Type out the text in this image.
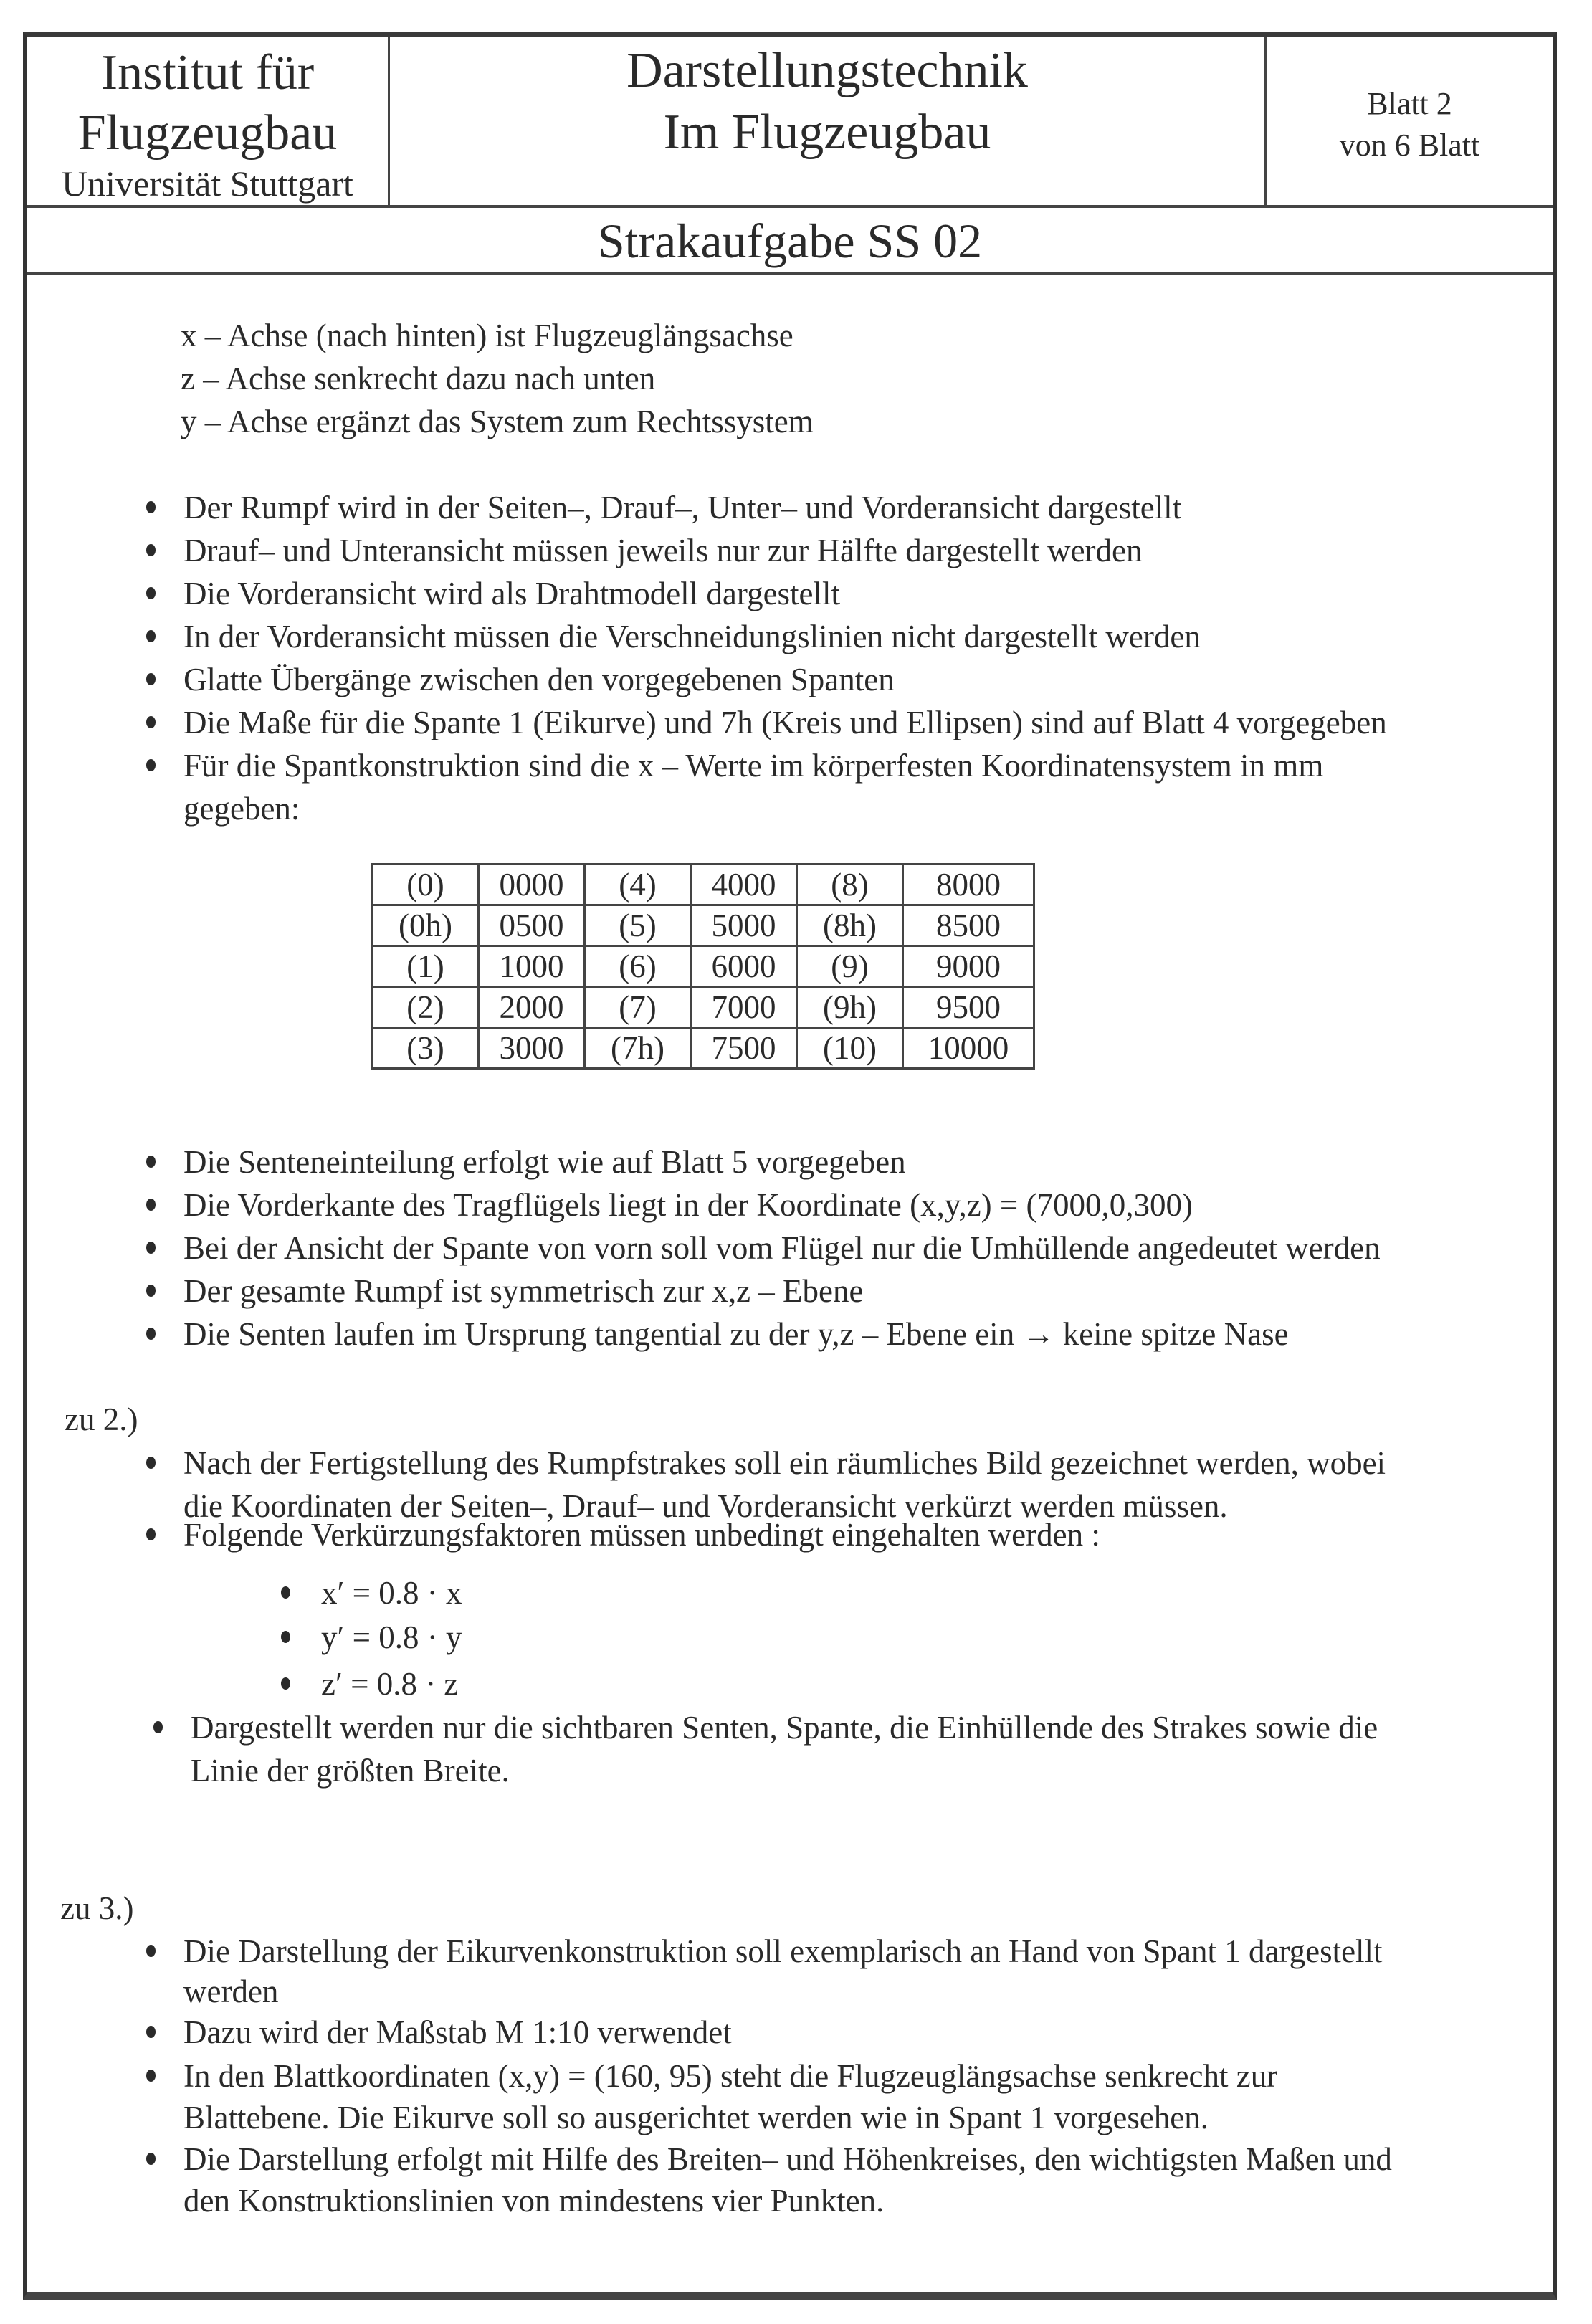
Institut für
Flugzeugbau
Universität Stuttgart
Darstellungstechnik
Im Flugzeugbau
Blatt 2
von 6 Blatt
Strakaufgabe SS 02
x – Achse (nach hinten) ist Flugzeuglängsachse
z – Achse senkrecht dazu nach unten
y – Achse ergänzt das System zum Rechtssystem
Der Rumpf wird in der Seiten–, Drauf–, Unter– und Vorderansicht dargestellt
Drauf– und Unteransicht müssen jeweils nur zur Hälfte dargestellt werden
Die Vorderansicht wird als Drahtmodell dargestellt
In der Vorderansicht müssen die Verschneidungslinien nicht dargestellt werden
Glatte Übergänge zwischen den vorgegebenen Spanten
Die Maße für die Spante 1 (Eikurve) und 7h (Kreis und Ellipsen) sind auf Blatt 4 vorgegeben
Für die Spantkonstruktion sind die x – Werte im körperfesten Koordinatensystem in mm
gegeben:
(0)	0000	(4)	4000	(8)	8000
(0h)	0500	(5)	5000	(8h)	8500
(1)	1000	(6)	6000	(9)	9000
(2)	2000	(7)	7000	(9h)	9500
(3)	3000	(7h)	7500	(10)	10000
Die Senteneinteilung erfolgt wie auf Blatt 5 vorgegeben
Die Vorderkante des Tragflügels liegt in der Koordinate (x,y,z) = (7000,0,300)
Bei der Ansicht der Spante von vorn soll vom Flügel nur die Umhüllende angedeutet werden
Der gesamte Rumpf ist symmetrisch zur x,z – Ebene
Die Senten laufen im Ursprung tangential zu der y,z – Ebene ein → keine spitze Nase
zu 2.)
Nach der Fertigstellung des Rumpfstrakes soll ein räumliches Bild gezeichnet werden, wobei
die Koordinaten der Seiten–, Drauf– und Vorderansicht verkürzt werden müssen.
Folgende Verkürzungsfaktoren müssen unbedingt eingehalten werden :
x′ = 0.8 · x
y′ = 0.8 · y
z′ = 0.8 · z
Dargestellt werden nur die sichtbaren Senten, Spante, die Einhüllende des Strakes sowie die
Linie der größten Breite.
zu 3.)
Die Darstellung der Eikurvenkonstruktion soll exemplarisch an Hand von Spant 1 dargestellt
werden
Dazu wird der Maßstab M 1:10 verwendet
In den Blattkoordinaten (x,y) = (160, 95) steht die Flugzeuglängsachse senkrecht zur
Blattebene. Die Eikurve soll so ausgerichtet werden wie in Spant 1 vorgesehen.
Die Darstellung erfolgt mit Hilfe des Breiten– und Höhenkreises, den wichtigsten Maßen und
den Konstruktionslinien von mindestens vier Punkten.
